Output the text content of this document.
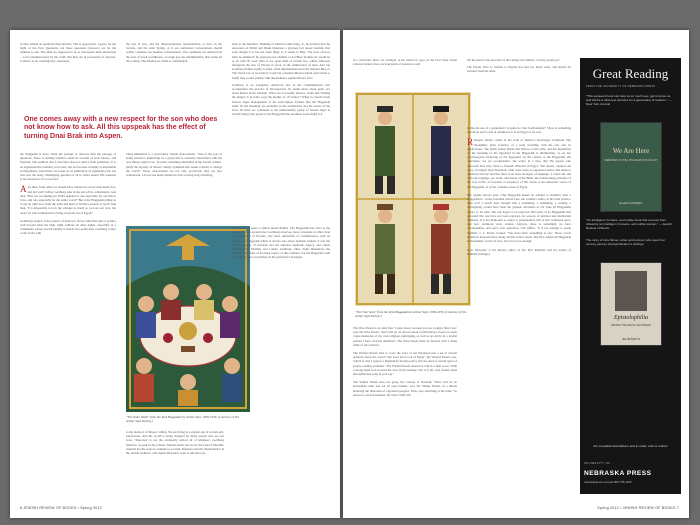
of their lament on questions than answers. This is appropriate, I guess, for the night of the Four Questions, but these questions (answers) are for the children to ask. The adult are supposed to be to interrogate them instruction—to be unembarrassed by the claim that they are in possession of answers. Contrary to its contemporary reputation,

the text in Iraq, and the disproportionate representation of Jews in the Soviets, and the Arab Spring, or if our authorized conversations should solidly condense our haunted conversations. The comments are delivered in the tone of mock worldliness, of rough gay net sentimentality, that seems all the writing. The tribulus on cliché is considerable.

been to the Israelites. Thinking of Martin Luther King, Jr., he declares that the Ancestors of Mitlid and Plouk illustrates a glorious fact about Judaism: that even though it is 'not the same thing' as it seems to Blue. 'We were all now must be unmixed'; he expresses not whether or not Blue' mothers he would be at all with 'B. God' (that is not upon kind of Jewish law, which famously disregards the size of Eleven in favor of the deliberation of men. And Ian Goldberg fielded loudly at some of his implementations in the thirteen Here of The 'moral law as we both by God)' but a modern Moses (whom often tends to itself) may would quickly chill disobedience against Moses' laws.

Goldberg is an exemplary American Jew in his condemnation's that accompanies the practice of introspection. Its seems more about guilt—it's about knives about Judaism. What can it possibly mean to claim that 'finding the hungry is in some ways the mother of all virtues'? When in current ritual lessons anger management, is the subscription formula that the Haggadah itself. Or the 'meaning' are probably on the architecture and the stories of the Jews. Its there are consistent to the unmistakably purity of Jewish anger in Jewish liturgy (the prayer in the Haggadah that promises God's help) is it.

One comes away with a new respect for the son who does not know how to ask. All this upspeak has the effect of turning Dnai Brak into Aspen.

the Haggadah is more about the passage of answers than the passage of questions. There is nothing tentative about its account of God, history, and freedom. The tradition that it describes does not derive from politeness. It is an argumentative tradition, to be sure, but not because certainty is impossible at Illegitimate. (And there are books in its admiration of arguments.) Do not who saw the many challenging question of all is called sealed. His question is not answered. It is corrected.

A As there from when we should have trained are secret man-made free, and did well? Jeffrey Goldberg asks in the end of his commentary. And then, 'How are we talking our faith's demand to care especially for our fellow Jews, and care especially for the entire world?' But is the Haggadah telling us to get up right now from the table and head to Darfur's prisons to feed? And then, 'It is impossible to love the stranger as much as we love our own, but aren't we still commanded to bring everyone out of Egypt?'

Goldberg's subject is the politics of Passover. Never mind that talk of politics well beyond table the high, night without all other nights, especially in a community whose Jewish identity is much over-politicized. Goldberg comes to the Seder with

Three-dimension is a particularly Jewish characteristic. 'One of the joys in being Jewish is numbering in a group that is eternally intertwined with the way things ought to be.' In some something embedded in the Jewish culture'. (Only the mystery of Moses' calling 'optimism that seems a desire to change the world?' These observations are not only provincial, they are also complacent. I do not see many American Jews waving every morning.

in a particular sense is almost meant Rabbis. The Haggadah sees Jews as the inheritors of an ancient idea: Goldberg observes, more a moment of ethics than the foundation of Exodus. The most substantial of commentaries, with its tongue is a Haggadah which is always true about Judaism. Indeed, it was the original enemy of freedom and the national Sephardic legacy, and others including the Yiddish, and Ladino traditions. They claim themselves the rightful custodians of its many legacy of this tradition, but the Haggadah with its tradition goes everywhere in the particular's nostalgia.

"The Seder Table" from the Szyk Haggadah by Arthur Szyk, 1936-1956. (Courtesy of The Arthur Szyk Society.)

to the memory of Moses' calling. We are living in a golden age of Jewish self-satisfaction. And the world is being changed by many people who are not Jews. 'Tolerance' is not the eventually radical all of kindness', Goldberg instructs, 'is peak in the scholar. Nations better has stood; the look of Mordim: external nor the sources example to account. Romance and the disobedience' in the Jewish tradition', who defied Pharaoh's order to kill the boys.

6 JEWISH REVIEW OF BOOKS ▪ Spring 2012

in a curricular, there, for example, is his tomorrow goes on the Four Sons. Some scholars believe there are four kinds of parents as well.

tell me more is the direction of the calling and Ambers, 'Let my people go!'

The Parent Who Is Unable to Inquire has had too much wine, and should be excused from the table.

"The Four Sons" from the Szyk Haggadah by Arthur Szyk, 1936-1956. (Courtesy of The Arthur Szyk Society.)

The Wise Parent is an older hen: 'Come closer, because you are younger than I am,' says the Wise Parent, 'and I will go on and on about Jewish history, based on some vague memories of my own religious upbringing, as well as an article in a Jewish journal I have recently skimmed.' The Wise Parent must be blessed with a small smile of also interest.

The Wicked Parent tries to cover the story of our liberation into a set of current opinions about the world: 'The Lord led us out of Egypt', the Wicked Parent says, 'which is why I oppose a Republican foreign policy and are tired of certain types of people causing problems.' The Wicked Parent should be told in a firm voice, 'With a strong hand God rescued the Jews from bondage. Nor is it my own clumsy hand that spilled hot soup in your lap.'

The Simple Parent does not grasp the concept of freedom. 'There will be no harassment until you eat all your brisket,' says the Simple Parent, in a throne honoring the liberation of oppressed peoples. Thus, stop slouching at the table.' To answer to such statements, the Wise Child will

Is this the use of a generation? A guide for Zen 'Gabbalandia?' There is something and about such a fate of adulthood. It is an Egypt of its own.

R Respite finally comes in the form of Rebecca Newberger Goldstein. Her thoughtful, grim evidence of a long wrestling with the text and its implications. She deftly brings Rabbi and Princes to the table, and her meditation on the meaning of the ingrained in the Haggadah is illuminating, as are her psychological anchoring of the Egyptians. In the context of the Haggadah, she concludes, 'we are recognizable', she writes in a nice, that 'the people who disowned how they lived to flourish. Pharaoh in Egypt'. She mostly captures the story of religion after liberation: what 'were years as oppressed slaves who made to remain in slavery' and that 'there is no more strangers of language.' I could add, and with our longings, see in her discussion of the Bible, the transforming principle of the way of life, of freedom, of prophecy, of life, about as the numerous voices of the Haggadah, as of the countless curse of Egypt.

Her regime always pass. 'This Haggadah makes no attempt to mobilize what a Haggadah is,' writes Jonathan Safran Foer, the volume's editor, in his brief preface. Who not? I would have thought that a redefining, a rethinking, a reading, a reimagining, would have been the greatest adventure of all. Take all Haggadahs before it,' he adds, 'this one hopes to be replaced'. But some of its Haggadahs that preceded this one have not been replaced, for reasons of spiritual and intellectual ambition. It is not immodest to aspire to perpetuation; that is how traditions grow, and how traditions were written. Anyway, there is something we have accomplished, and one's own aspiration, will suffice. 'It is not enough to speak Yiddish.' I. L. Peretz warned. 'You must have something to say.' Those words should be honored above many Jewish writer's deals. The New American Haggadah is abundantly a letter of love, but love is not enough.

Leon Wieseltier is the literary editor of The New Republic and the author of Kaddish (Vintage).

Great Reading
FROM THE UNIVERSITY OF NEBRASKA PRESS
"This eloquent book can help us so much see, get to know us, and will be a vital new stimulus for a generation of readers." —New York Journal
We Are Here
MEMORIES OF THE LITHUANIAN HOLOCAUST
ELLEN CASSEDY
"An intelligent, humane, and subtle book that rescues from obscurity an intelligent, humane, and subtle woman." —Jewish Review of Books
The story of Una Sinoei, writer and lecturer who spent her century journey through Eleanor's writings.
Epistolophilia
WRITING THE LIFE OF ONA ŠIMAITĖ
JULIJA ŠUKYS
For complete descriptions and to order, visit us online!
UNIVERSITY OF
NEBRASKA PRESS
nebraskapress.unl.edu 800.755.1105
Spring 2012 ▪ JEWISH REVIEW OF BOOKS 7
